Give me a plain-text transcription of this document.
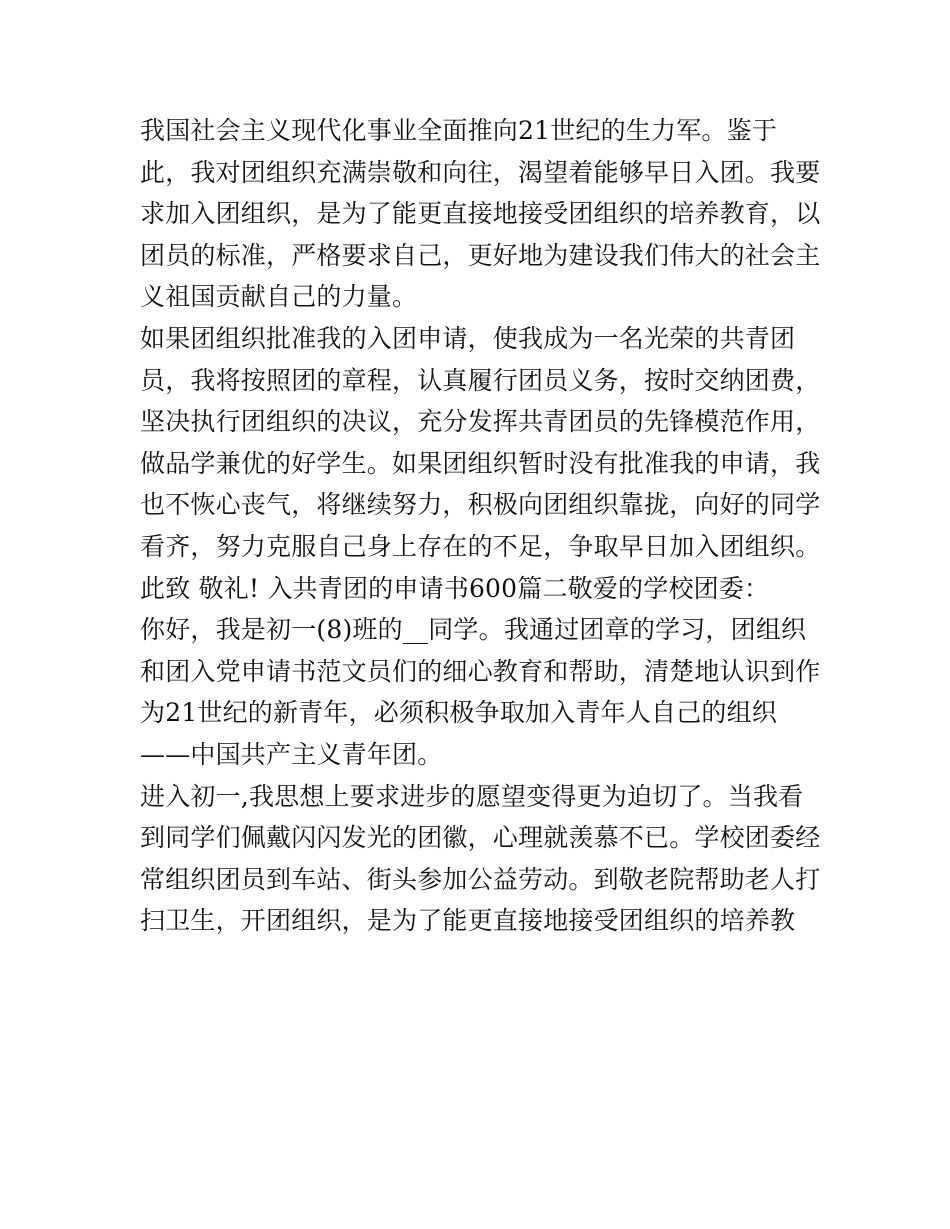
我国社会主义现代化事业全面推向21世纪的生力军。鉴于
此，我对团组织充满崇敬和向往，渴望着能够早日入团。我要
求加入团组织，是为了能更直接地接受团组织的培养教育，以
团员的标准，严格要求自己，更好地为建设我们伟大的社会主
义祖国贡献自己的力量。
如果团组织批准我的入团申请，使我成为一名光荣的共青团
员，我将按照团的章程，认真履行团员义务，按时交纳团费，
坚决执行团组织的决议，充分发挥共青团员的先锋模范作用，
做品学兼优的好学生。如果团组织暂时没有批准我的申请，我
也不恢心丧气，将继续努力，积极向团组织靠拢，向好的同学
看齐，努力克服自己身上存在的不足，争取早日加入团组织。
此致 敬礼! 入共青团的申请书600篇二敬爱的学校团委：
你好，我是初一(8)班的__同学。我通过团章的学习，团组织
和团入党申请书范文员们的细心教育和帮助，清楚地认识到作
为21世纪的新青年，必须积极争取加入青年人自己的组织
——中国共产主义青年团。
进入初一,我思想上要求进步的愿望变得更为迫切了。当我看
到同学们佩戴闪闪发光的团徽，心理就羡慕不已。学校团委经
常组织团员到车站、街头参加公益劳动。到敬老院帮助老人打
扫卫生，开团组织，是为了能更直接地接受团组织的培养教
